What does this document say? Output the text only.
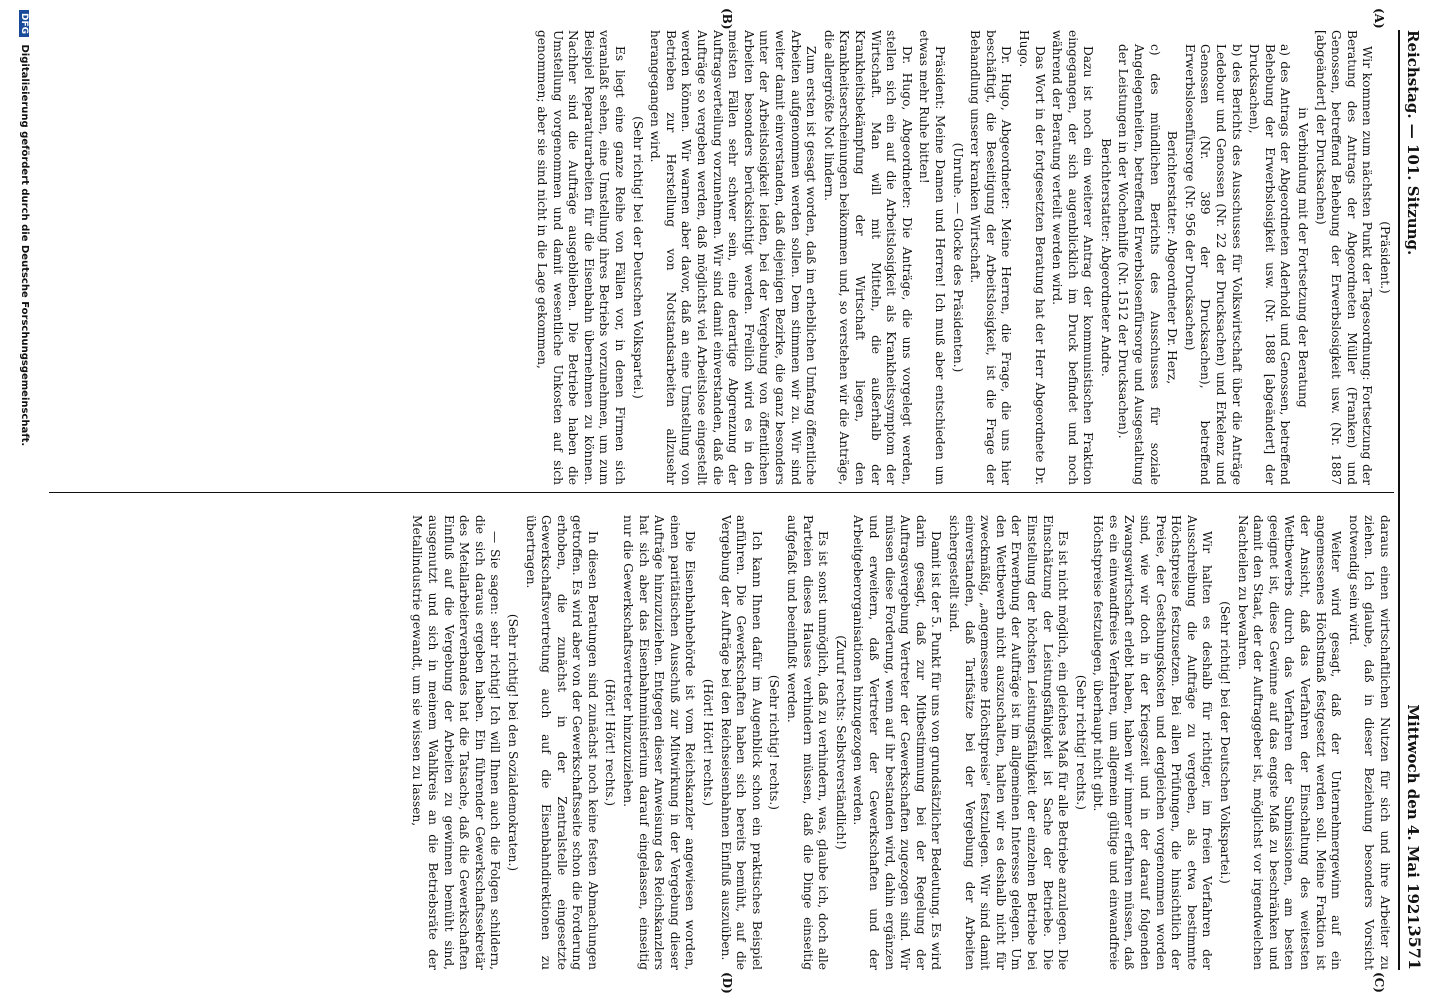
Reichstag. — 101. Sitzung.
Mittwoch den 4. Mai 1921.
3571
(A)
(B)
(C)
(D)

(Präsident.)

Wir kommen zum nächsten Punkt der Tagesordnung: Fortsetzung der Beratung des Antrags der Abgeordneten Müller (Franken) und Genossen, betreffend Behebung der Erwerbslosigkeit usw. (Nr. 1887 [abgeändert] der Drucksachen)

in Verbindung mit der Fortsetzung der Beratung

a) des Antrags der Abgeordneten Aderhold und Genossen, betreffend Behebung der Erwerbslosigkeit usw. (Nr. 1888 [abgeändert] der Drucksachen),

b) des Berichts des Ausschusses für Volkswirtschaft über die Anträge Ledebour und Genossen (Nr. 22 der Drucksachen) und Erkelenz und Genossen (Nr. 389 der Drucksachen), betreffend Erwerbslosenfürsorge (Nr. 956 der Drucksachen)

Berichterstatter: Abgeordneter Dr. Herz,

c) des mündlichen Berichts des Ausschusses für soziale Angelegenheiten, betreffend Erwerbslosenfürsorge und Ausgestaltung der Leistungen in der Wochenhilfe (Nr. 1512 der Drucksachen).

Berichterstatter: Abgeordneter Andre.

Dazu ist noch ein weiterer Antrag der kommunistischen Fraktion eingegangen, der sich augenblicklich im Druck befindet und noch während der Beratung verteilt werden wird.

Das Wort in der fortgesetzten Beratung hat der Herr Abgeordnete Dr. Hugo.

Dr. Hugo, Abgeordneter: Meine Herren, die Frage, die uns hier beschäftigt, die Beseitigung der Arbeitslosigkeit, ist die Frage der Behandlung unserer kranken Wirtschaft.

(Unruhe. — Glocke des Präsidenten.)

Präsident: Meine Damen und Herren! Ich muß aber entschieden um etwas mehr Ruhe bitten!

Dr. Hugo, Abgeordneter: Die Anträge, die uns vorgelegt werden, stellen sich ein auf die Arbeitslosigkeit als Krankheitssymptom der Wirtschaft. Man will mit Mitteln, die außerhalb der Krankheitsbekämpfung der Wirtschaft liegen, den Krankheitserscheinungen beikommen und, so verstehen wir die Anträge, die allergrößte Not lindern.

Zum ersten ist gesagt worden, daß im erheblichen Umfang öffentliche Arbeiten aufgenommen werden sollen. Dem stimmen wir zu. Wir sind weiter damit einverstanden, daß diejenigen Bezirke, die ganz besonders unter der Arbeitslosigkeit leiden, bei der Vergebung von öffentlichen Arbeiten besonders berücksichtigt werden. Freilich wird es in den meisten Fällen sehr schwer sein, eine derartige Abgrenzung der Auftragsverteilung vorzunehmen. Wir sind damit einverstanden, daß die Aufträge so vergeben werden, daß möglichst viel Arbeitslose eingestellt werden können. Wir warnen aber davor, daß an eine Umstellung von Betrieben zur Herstellung von Notstandsarbeiten allzusehr herangegangen wird.

(Sehr richtig! bei der Deutschen Volkspartei.)

Es liegt eine ganze Reihe von Fällen vor, in denen Firmen sich veranlaßt sehen, eine Umstellung ihres Betriebs vorzunehmen, um zum Beispiel Reparaturarbeiten für die Eisenbahn übernehmen zu können. Nachher sind die Aufträge ausgeblieben. Die Betriebe haben die Umstellung vorgenommen und damit wesentliche Unkosten auf sich genommen; aber sie sind nicht in die Lage gekommen,

daraus einen wirtschaftlichen Nutzen für sich und ihre Arbeiter zu ziehen. Ich glaube, daß in dieser Beziehung besonders Vorsicht notwendig sein wird.

Weiter wird gesagt, daß der Unternehmergewinn auf ein angemessenes Höchstmaß festgesetzt werden soll. Meine Fraktion ist der Ansicht, daß das Verfahren der Einschaltung des weitesten Wettbewerbs durch das Verfahren der Submissionen, am besten geeignet ist, diese Gewinne auf das engste Maß zu beschränken und damit den Staat, der der Auftraggeber ist, möglichst vor irgendwelchen Nachteilen zu bewahren.

(Sehr richtig! bei der Deutschen Volkspartei.)

Wir halten es deshalb für richtiger, im freien Verfahren der Ausschreibung die Aufträge zu vergeben, als etwa bestimmte Höchstpreise festzusetzen. Bei allen Prüfungen, die hinsichtlich der Preise, der Gestehungskosten und dergleichen vorgenommen worden sind, wie wir doch in der Kriegszeit und in der darauf folgenden Zwangswirtschaft erlebt haben, haben wir immer erfahren müssen, daß es ein einwandfreies Verfahren, um allgemein gültige und einwandfreie Höchstpreise festzulegen, überhaupt nicht gibt.

(Sehr richtig! rechts.)

Es ist nicht möglich, ein gleiches Maß für alle Betriebe anzulegen. Die Einschätzung der Leistungsfähigkeit ist Sache der Betriebe. Die Einstellung der höchsten Leistungsfähigkeit der einzelnen Betriebe bei der Erwerbung der Aufträge ist im allgemeinen Interesse gelegen. Um den Wettbewerb nicht auszuschalten, halten wir es deshalb nicht für zweckmäßig, „angemessene Höchstpreise" festzulegen. Wir sind damit einverstanden, daß Tarifsätze bei der Vergebung der Arbeiten sichergestellt sind.

Damit ist der 5. Punkt für uns von grundsätzlicher Bedeutung. Es wird darin gesagt, daß zur Mitbestimmung bei der Regelung der Auftragsvergebung Vertreter der Gewerkschaften zugezogen sind. Wir müssen diese Forderung, wenn auf ihr bestanden wird, dahin ergänzen und erweitern, daß Vertreter der Gewerkschaften und der Arbeitgeberorganisationen hinzugezogen werden.

(Zuruf rechts: Selbstverständlich!)

Es ist sonst unmöglich, daß zu verhindern, was, glaube ich, doch alle Parteien dieses Hauses verhindern müssen, daß die Dinge einseitig aufgefaßt und beeinflußt werden.

(Sehr richtig! rechts.)

Ich kann Ihnen dafür im Augenblick schon ein praktisches Beispiel anführen. Die Gewerkschaften haben sich bereits bemüht, auf die Vergebung der Aufträge bei den Reichseisenbahnen Einfluß auszuüben.

(Hört! Hört! rechts.)

Die Eisenbahnbehörde ist vom Reichskanzler angewiesen worden, einen paritätischen Ausschuß zur Mitwirkung in der Vergebung dieser Aufträge hinzuzuziehen. Entgegen dieser Anweisung des Reichskanzlers hat sich aber das Eisenbahnministerium darauf eingelassen, einseitig nur die Gewerkschaftsvertreter hinzuzuziehen.

(Hört! Hört! rechts.)

In diesen Beratungen sind zunächst noch keine festen Abmachungen getroffen. Es wird aber von der Gewerkschaftsseite schon die Forderung erhoben, die zunächst in der Zentralstelle eingesetzte Gewerkschaftsvertretung auch auf die Eisenbahndirektionen zu übertragen.

(Sehr richtig! bei den Sozialdemokraten.)

— Sie sagen: sehr richtig! Ich will Ihnen auch die Folgen schildern, die sich daraus ergeben haben. Ein führender Gewerkschaftssekretär des Metallarbeiterverbandes hat die Tatsache, daß die Gewerkschaften Einfluß auf die Vergebung der Arbeiten zu gewinnen bemüht sind, ausgenutzt und sich in meinem Wahlkreis an die Betriebsräte der Metallindustrie gewandt, um sie wissen zu lassen,

DFG Digitalisierung gefördert durch die Deutsche Forschungsgemeinschaft.
